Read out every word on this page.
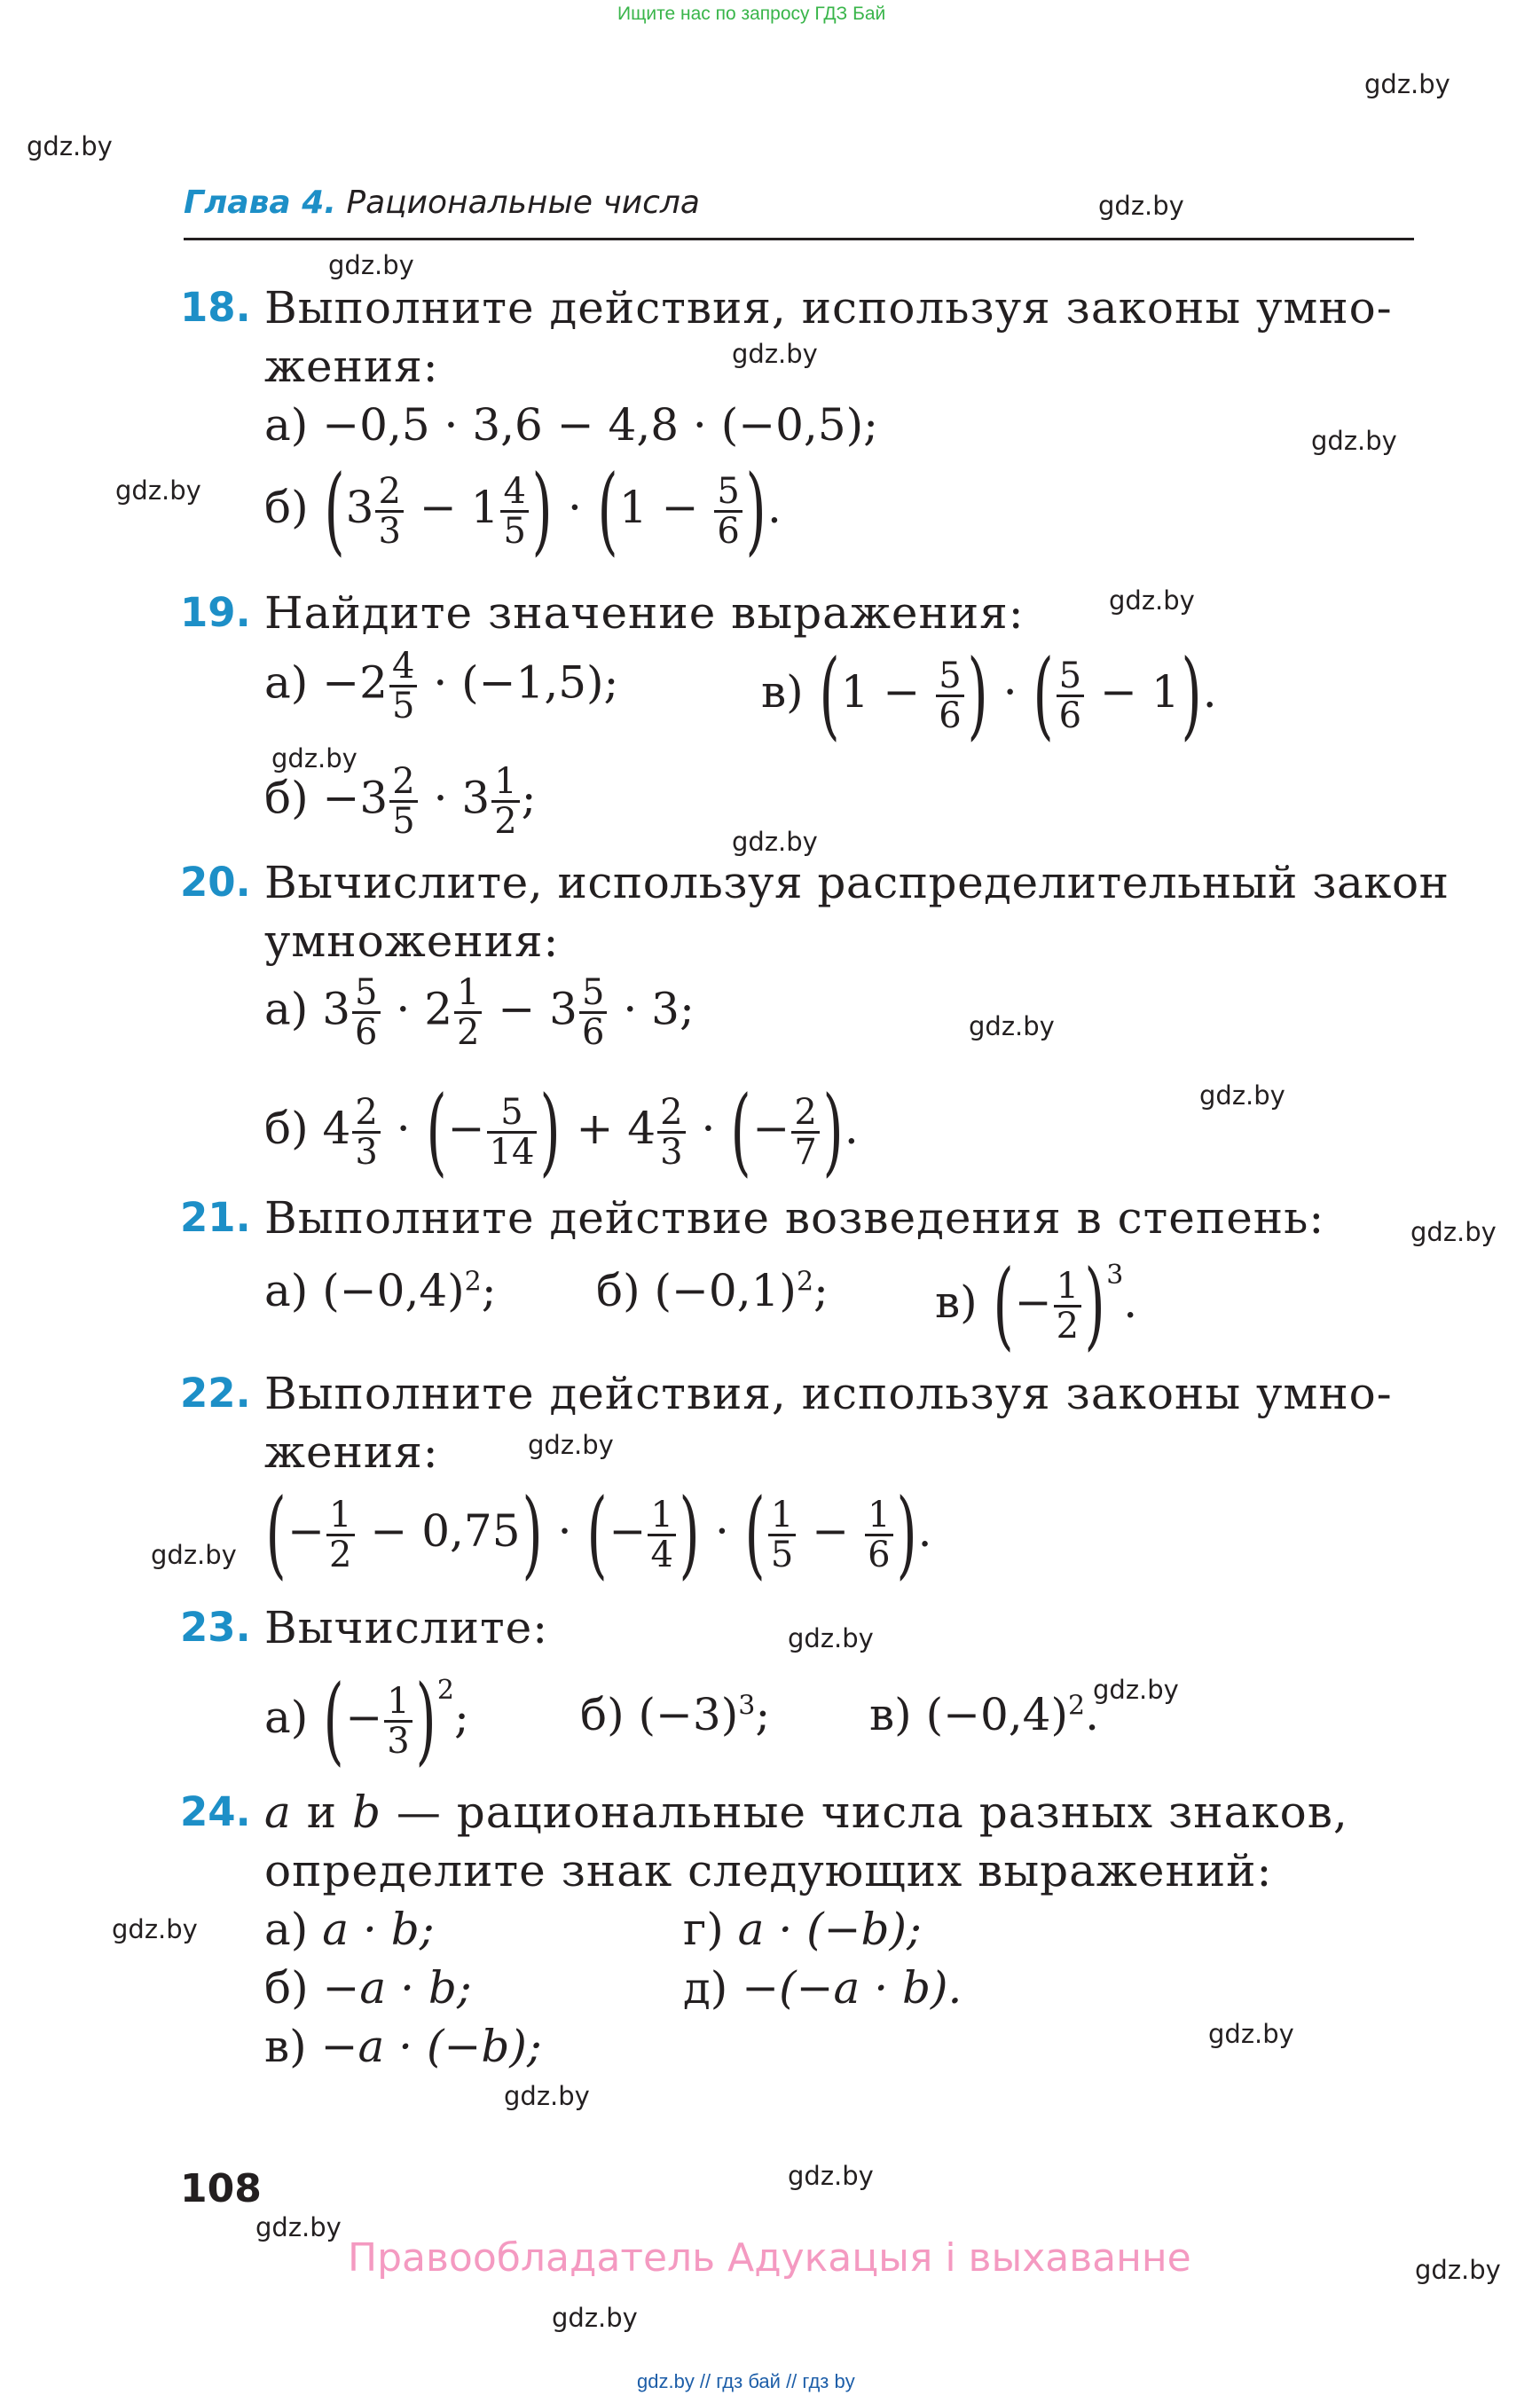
Ищите нас по запросу ГДЗ Бай
gdz.by
gdz.by
gdz.by
gdz.by
gdz.by
gdz.by
gdz.by
gdz.by
gdz.by
gdz.by
gdz.by
gdz.by
gdz.by
gdz.by
gdz.by
gdz.by
gdz.by
gdz.by
gdz.by
gdz.by
gdz.by
gdz.by
gdz.by
gdz.by
Глава 4. Рациональные числа
18. Выполните действия, используя законы умно-
жения:
а) −0,5 · 3,6 − 4,8 · (−0,5);
б) ($3 \frac{2}{3} - 1 \frac{4}{5}$ ) · ($1 - \frac{5}{6}$ ).
19. Найдите значение выражения:
$а) -2 \frac{4}{5} \cdot (-1,5)$;	в) ($1 - \frac{5}{6}$ ) · ( $\frac{5}{6} - 1$).
$б) -3 \frac{2}{5} \cdot 3 \frac{1}{2}$ ;
20. Вычислите, используя распределительный закон
умножения:
а) $3 \frac{5}{6} \cdot 2 \frac{1}{2} - 3 \frac{5}{6} \cdot 3$;
б) $4 \frac{2}{3}$ · (− $\frac{5}{14}$ ) + $4 \frac{2}{3}$ · (− $\frac{2}{7}$ ).
21. Выполните действие возведения в степень:
а) $(-0,4)^2$; б) $(-0,1)^2$; в) (− $\frac{1}{2} )^3$.
22. Выполните действия, используя законы умно-
жения:
(− $\frac{1}{2} - 0,75$) · (− $\frac{1}{4}$ ) · ( $\frac{1}{5} - \frac{1}{6}$ ).
23. Вычислите:
а) (− $\frac{1}{3} )^2$;	б) $(-3)^3$; в) $(-0,4)^2$.
24. a и b — рациональные числа разных знаков,
определите знак следующих выражений:
а) a · b;
б) −a · b;
в) −a · (−b);
г) a · (−b);
д) −(−a · b).
108
Правообладатель Адукацыя і выхаванне
gdz.by // гдз бай // гдз by
